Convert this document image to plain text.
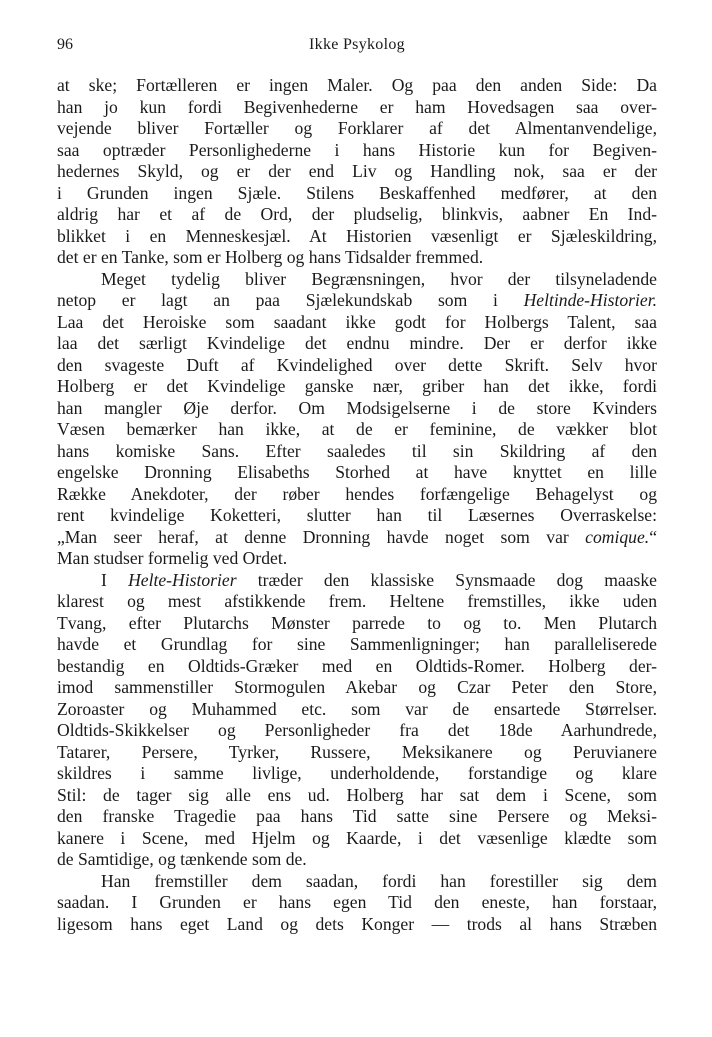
96	Ikke Psykolog
at ske; Fortælleren er ingen Maler. Og paa den anden Side: Da
han jo kun fordi Begivenhederne er ham Hovedsagen saa over-
vejende bliver Fortæller og Forklarer af det Almentanvendelige,
saa optræder Personlighederne i hans Historie kun for Begiven-
hedernes Skyld, og er der end Liv og Handling nok, saa er der
i Grunden ingen Sjæle. Stilens Beskaffenhed medfører, at den
aldrig har et af de Ord, der pludselig, blinkvis, aabner En Ind-
blikket i en Menneskesjæl. At Historien væsenligt er Sjæleskildring,
det er en Tanke, som er Holberg og hans Tidsalder fremmed.
Meget tydelig bliver Begrænsningen, hvor der tilsyneladende
netop er lagt an paa Sjælekundskab som i Heltinde-Historier.
Laa det Heroiske som saadant ikke godt for Holbergs Talent, saa
laa det særligt Kvindelige det endnu mindre. Der er derfor ikke
den svageste Duft af Kvindelighed over dette Skrift. Selv hvor
Holberg er det Kvindelige ganske nær, griber han det ikke, fordi
han mangler Øje derfor. Om Modsigelserne i de store Kvinders
Væsen bemærker han ikke, at de er feminine, de vækker blot
hans komiske Sans. Efter saaledes til sin Skildring af den
engelske Dronning Elisabeths Storhed at have knyttet en lille
Række Anekdoter, der røber hendes forfængelige Behagelyst og
rent kvindelige Koketteri, slutter han til Læsernes Overraskelse:
„Man seer heraf, at denne Dronning havde noget som var comique.“
Man studser formelig ved Ordet.
I Helte-Historier træder den klassiske Synsmaade dog maaske
klarest og mest afstikkende frem. Heltene fremstilles, ikke uden
Tvang, efter Plutarchs Mønster parrede to og to. Men Plutarch
havde et Grundlag for sine Sammenligninger; han paralleliserede
bestandig en Oldtids-Græker med en Oldtids-Romer. Holberg der-
imod sammenstiller Stormogulen Akebar og Czar Peter den Store,
Zoroaster og Muhammed etc. som var de ensartede Størrelser.
Oldtids-Skikkelser og Personligheder fra det 18de Aarhundrede,
Tatarer, Persere, Tyrker, Russere, Meksikanere og Peruvianere
skildres i samme livlige, underholdende, forstandige og klare
Stil: de tager sig alle ens ud. Holberg har sat dem i Scene, som
den franske Tragedie paa hans Tid satte sine Persere og Meksi-
kanere i Scene, med Hjelm og Kaarde, i det væsenlige klædte som
de Samtidige, og tænkende som de.
Han fremstiller dem saadan, fordi han forestiller sig dem
saadan. I Grunden er hans egen Tid den eneste, han forstaar,
ligesom hans eget Land og dets Konger — trods al hans Stræben
